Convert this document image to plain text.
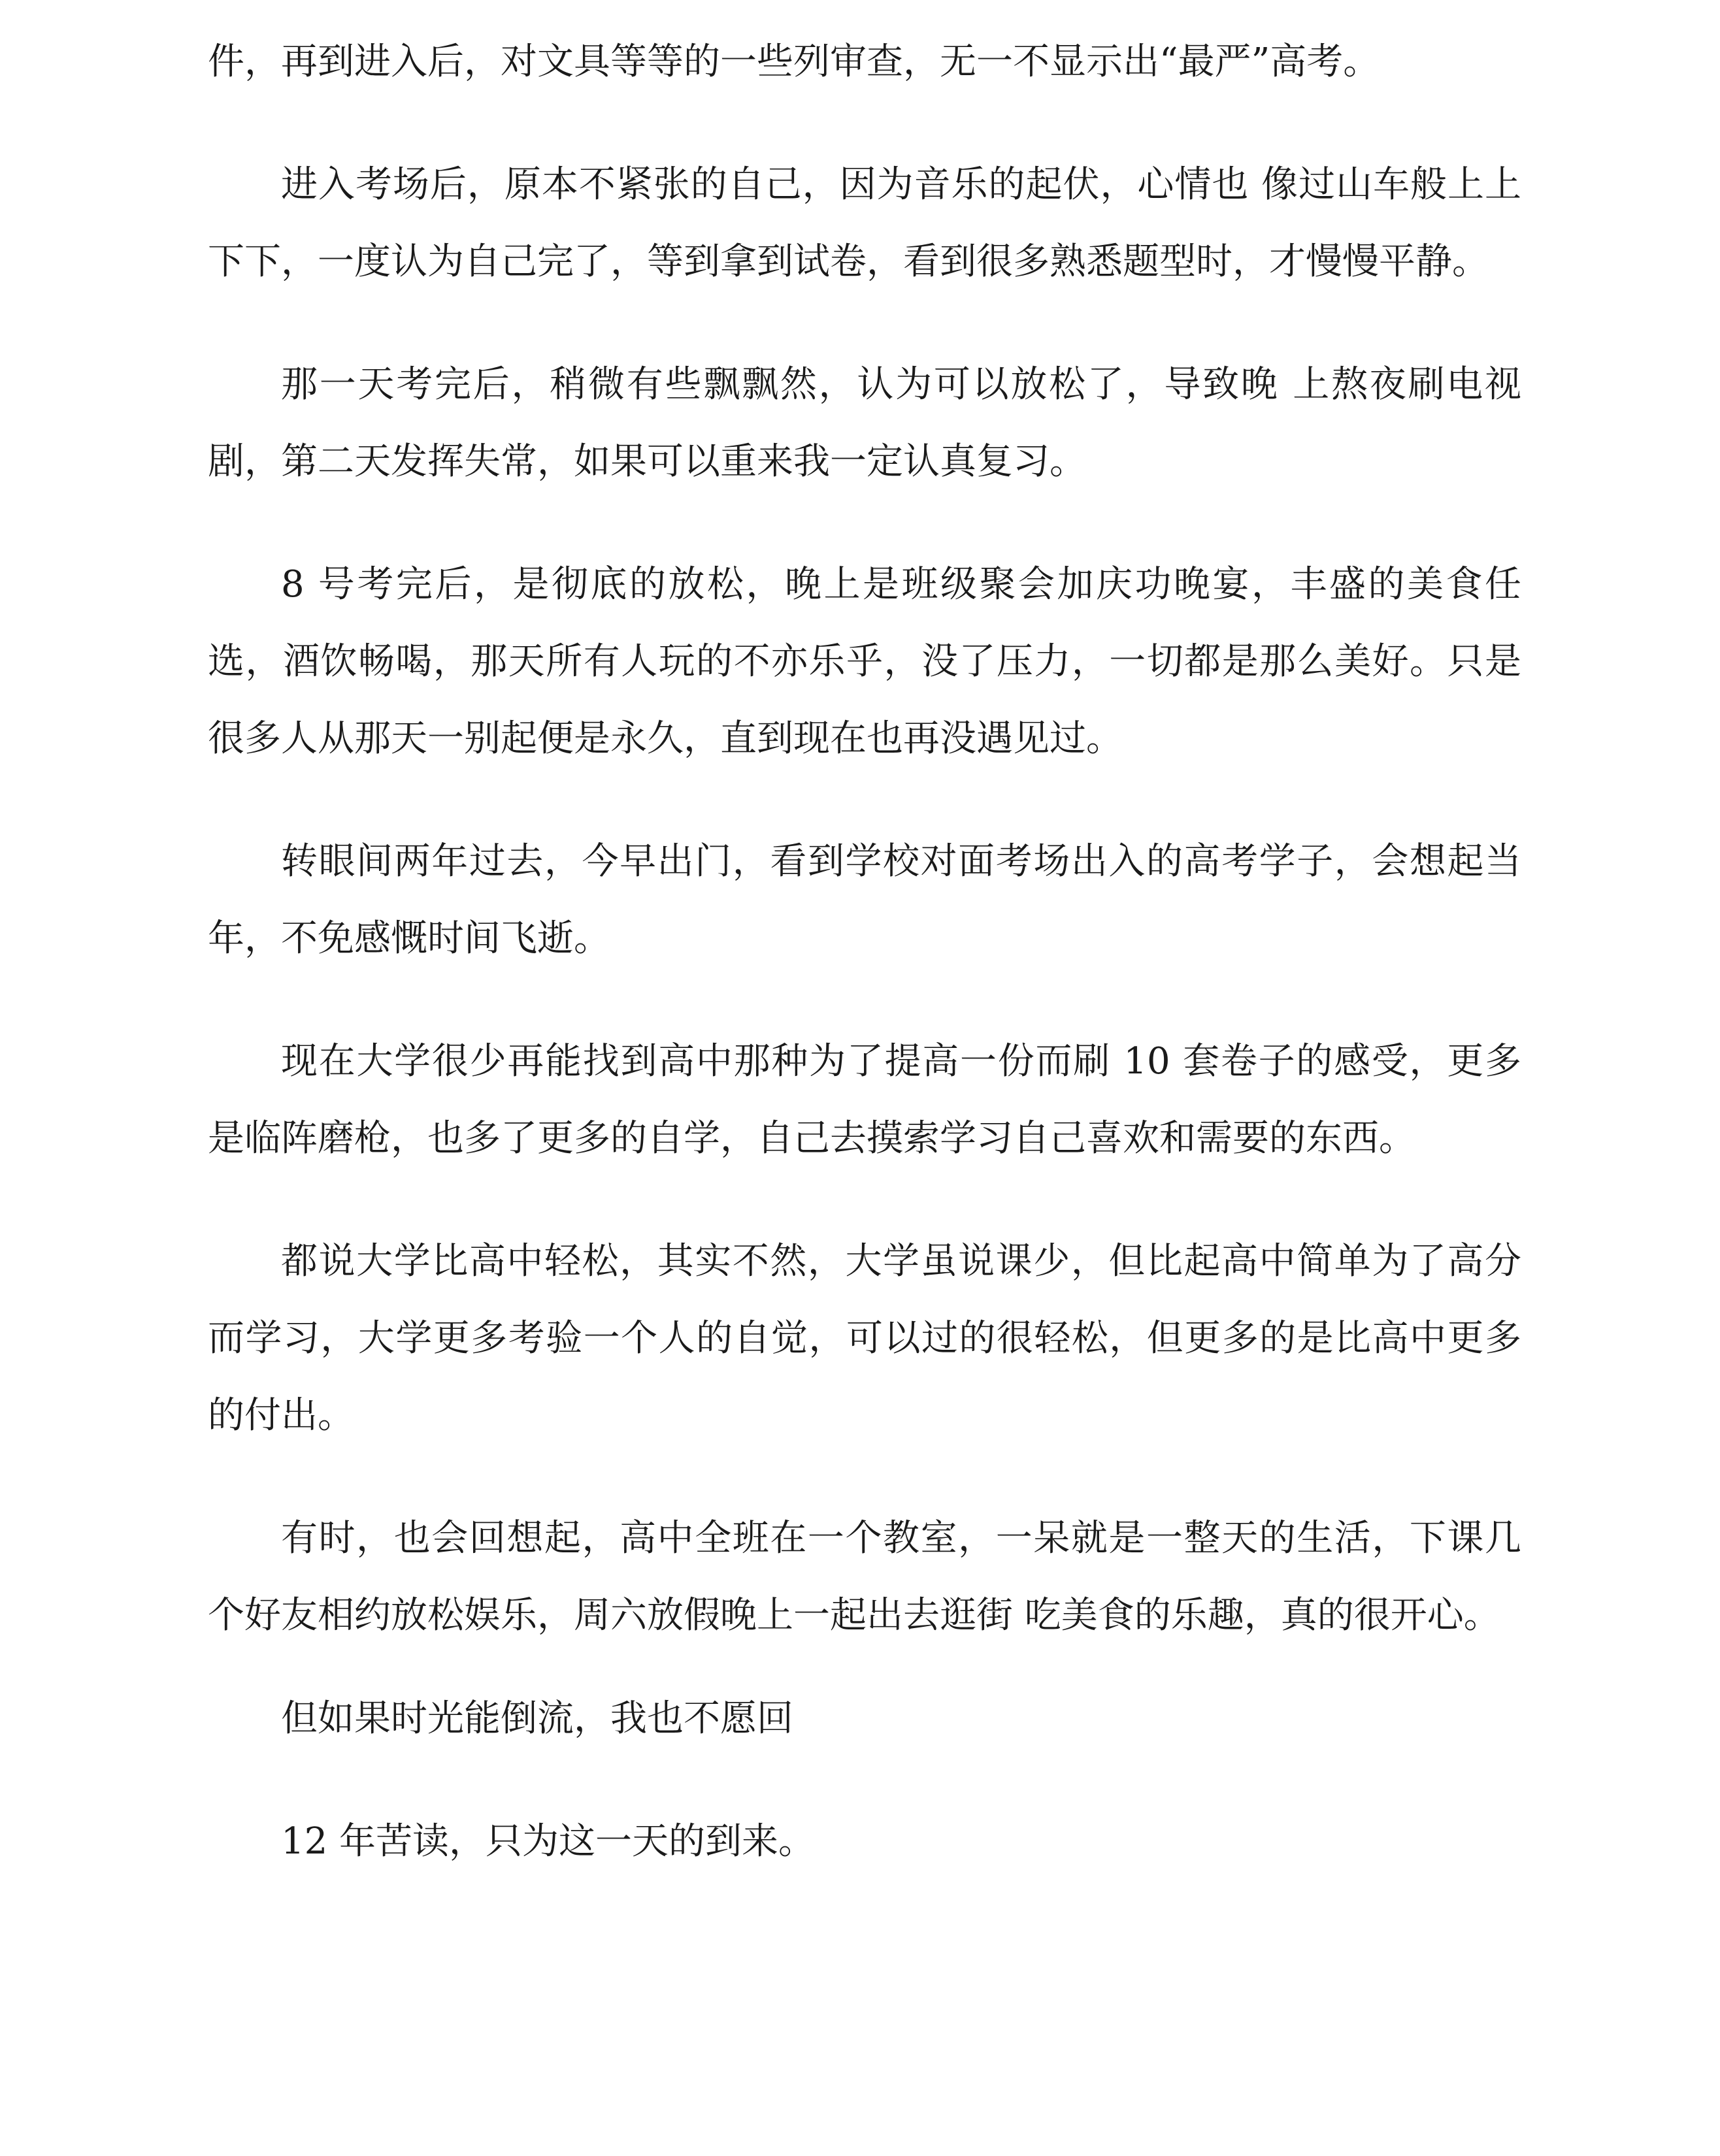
件，再到进入后，对文具等等的一些列审查，无一不显示出“最严”高考。

进入考场后，原本不紧张的自己，因为音乐的起伏，心情也 像过山车般上上下下，一度认为自己完了，等到拿到试卷，看到很多熟悉题型时，才慢慢平静。

那一天考完后，稍微有些飘飘然，认为可以放松了，导致晚 上熬夜刷电视剧，第二天发挥失常，如果可以重来我一定认真复习。

8 号考完后，是彻底的放松，晚上是班级聚会加庆功晚宴，丰盛的美食任选，酒饮畅喝，那天所有人玩的不亦乐乎，没了压力，一切都是那么美好。只是很多人从那天一别起便是永久，直到现在也再没遇见过。

转眼间两年过去，今早出门，看到学校对面考场出入的高考学子，会想起当年，不免感慨时间飞逝。

现在大学很少再能找到高中那种为了提高一份而刷 10 套卷子的感受，更多是临阵磨枪，也多了更多的自学，自己去摸索学习自己喜欢和需要的东西。

都说大学比高中轻松，其实不然，大学虽说课少，但比起高中简单为了高分而学习，大学更多考验一个人的自觉，可以过的很轻松，但更多的是比高中更多的付出。

有时，也会回想起，高中全班在一个教室，一呆就是一整天的生活，下课几个好友相约放松娱乐，周六放假晚上一起出去逛街 吃美食的乐趣，真的很开心。

但如果时光能倒流，我也不愿回

12 年苦读，只为这一天的到来。
